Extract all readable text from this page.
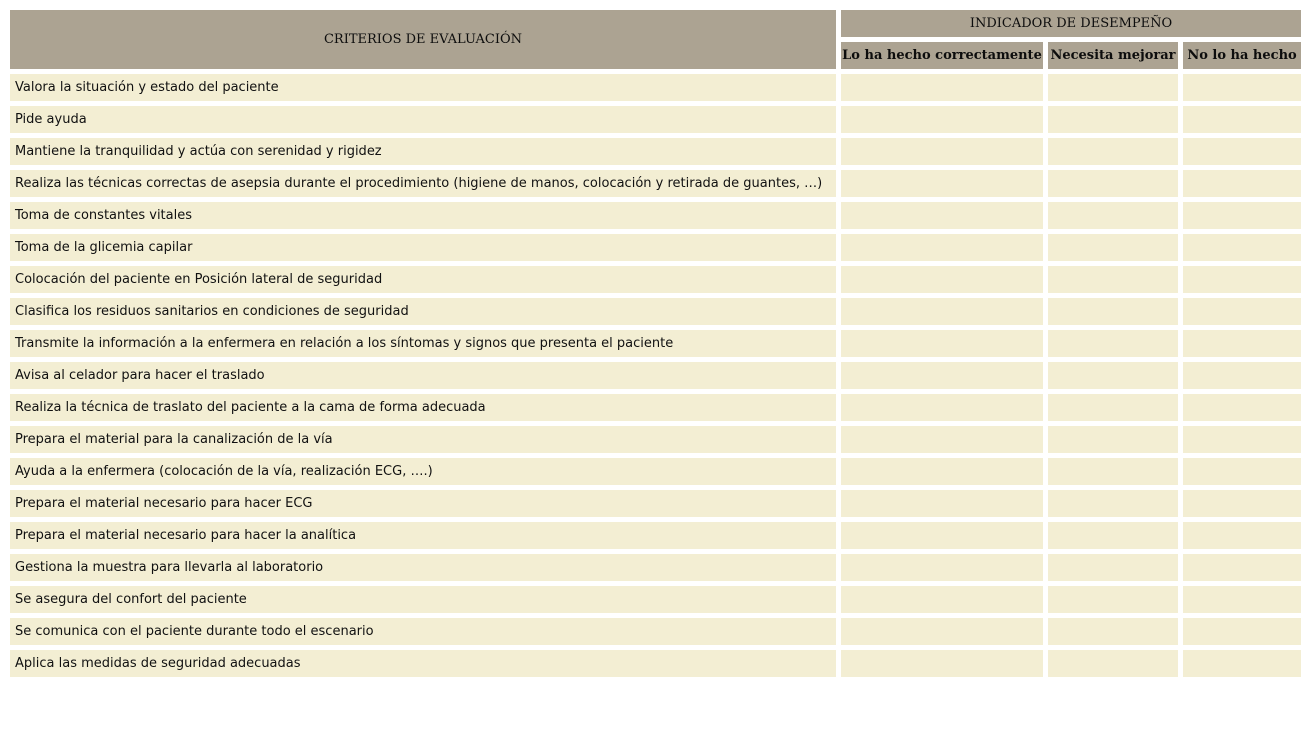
CRITERIOS DE EVALUACIÓN	INDICADOR DE DESEMPEÑO		
	Lo ha hecho correctamente	Necesita mejorar	No lo ha hecho
Valora la situación y estado del paciente			
Pide ayuda			
Mantiene la tranquilidad y actúa con serenidad y rigidez			
Realiza las técnicas correctas de asepsia durante el procedimiento (higiene de manos, colocación y retirada de guantes, …)			
Toma de constantes vitales			
Toma de la glicemia capilar			
Colocación del paciente en Posición lateral de seguridad			
Clasifica los residuos sanitarios en condiciones de seguridad			
Transmite la información a la enfermera en relación a los síntomas y signos que presenta el paciente			
Avisa al celador para hacer el traslado			
Realiza la técnica de traslato del paciente a la cama de forma adecuada			
Prepara el material para la canalización de la vía			
Ayuda a la enfermera (colocación de la vía, realización ECG, ….)			
Prepara el material necesario para hacer ECG			
Prepara el material necesario para hacer la analítica			
Gestiona la muestra para llevarla al laboratorio			
Se asegura del confort del paciente			
Se comunica con el paciente durante todo el escenario			
Aplica las medidas de seguridad adecuadas			
